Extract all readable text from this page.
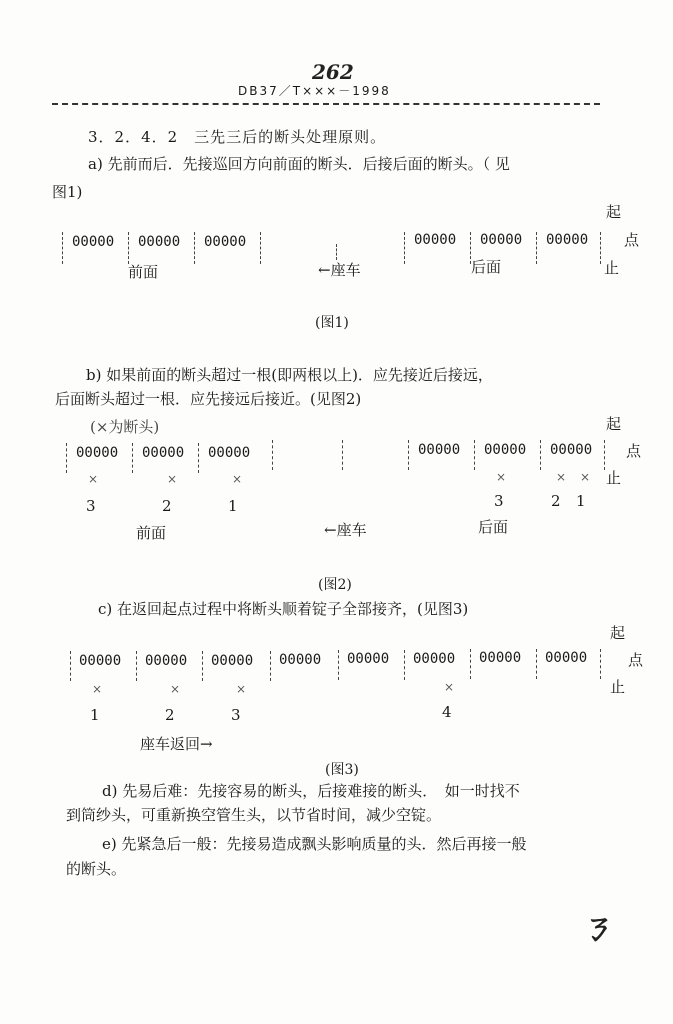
262
DB37／T×××－1998
3．2．4．2　三先三后的断头处理原则。
a) 先前而后．先接巡回方向前面的断头．后接后面的断头。（ 见
图1)
起
00000 00000 00000	00000 00000 00000 点
前面	←座车	后面	止
(图1)
b) 如果前面的断头超过一根(即两根以上)．应先接近后接远，
后面断头超过一根．应先接远后接近。(见图2)
(×为断头)	起
00000 00000 00000	00000 00000 00000 点
×	×	×	×	× × 止
3	2	1	3	2 1
前面	←座车	后面
(图2)
c) 在返回起点过程中将断头顺着锭子全部接齐，(见图3)
起
00000 00000 00000 00000 00000 00000 00000 00000	点
×	×	×	×	止
1	2	3	4
座车返回→
(图3)
d) 先易后难：先接容易的断头，后接难接的断头．　如一时找不
到筒纱头，可重新换空管生头，以节省时间，减少空锭。
e) 先紧急后一般：先接易造成飘头影响质量的头．然后再接一般
的断头。
ㄋ
